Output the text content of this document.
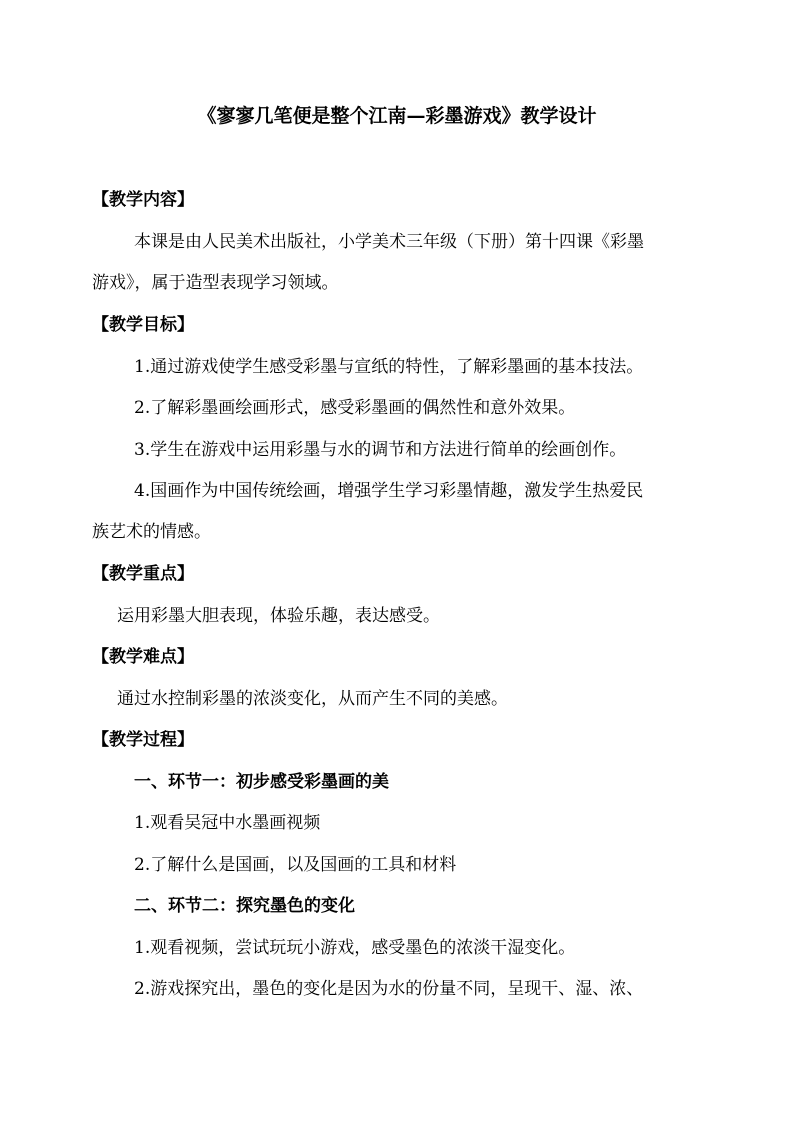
《寥寥几笔便是整个江南—彩墨游戏》教学设计
【教学内容】
本课是由人民美术出版社，小学美术三年级（下册）第十四课《彩墨
游戏》，属于造型表现学习领域。
【教学目标】
1.通过游戏使学生感受彩墨与宣纸的特性，了解彩墨画的基本技法。
2.了解彩墨画绘画形式，感受彩墨画的偶然性和意外效果。
3.学生在游戏中运用彩墨与水的调节和方法进行简单的绘画创作。
4.国画作为中国传统绘画，增强学生学习彩墨情趣，激发学生热爱民
族艺术的情感。
【教学重点】
运用彩墨大胆表现，体验乐趣，表达感受。
【教学难点】
通过水控制彩墨的浓淡变化，从而产生不同的美感。
【教学过程】
一、环节一：初步感受彩墨画的美
1.观看吴冠中水墨画视频
2.了解什么是国画，以及国画的工具和材料
二、环节二：探究墨色的变化
1.观看视频，尝试玩玩小游戏，感受墨色的浓淡干湿变化。
2.游戏探究出，墨色的变化是因为水的份量不同，呈现干、湿、浓、
